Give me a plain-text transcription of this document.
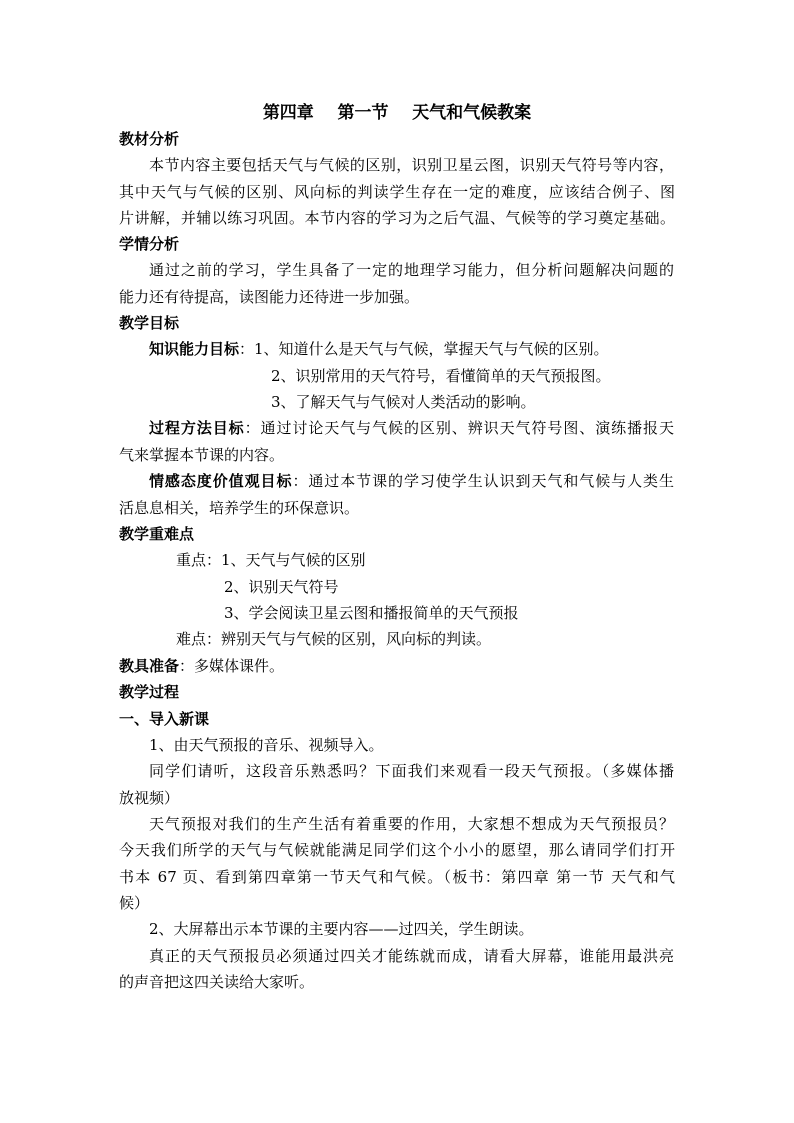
第四章    第一节    天气和气候教案
教材分析
本节内容主要包括天气与气候的区别，识别卫星云图，识别天气符号等内容，
其中天气与气候的区别、风向标的判读学生存在一定的难度，应该结合例子、图
片讲解，并辅以练习巩固。本节内容的学习为之后气温、气候等的学习奠定基础。
学情分析
通过之前的学习，学生具备了一定的地理学习能力，但分析问题解决问题的
能力还有待提高，读图能力还待进一步加强。
教学目标
知识能力目标：1、知道什么是天气与气候，掌握天气与气候的区别。
2、识别常用的天气符号，看懂简单的天气预报图。
3、了解天气与气候对人类活动的影响。
过程方法目标：通过讨论天气与气候的区别、辨识天气符号图、演练播报天
气来掌握本节课的内容。
情感态度价值观目标：通过本节课的学习使学生认识到天气和气候与人类生
活息息相关，培养学生的环保意识。
教学重难点
重点：1、天气与气候的区别
2、识别天气符号
3、学会阅读卫星云图和播报简单的天气预报
难点：辨别天气与气候的区别，风向标的判读。
教具准备：多媒体课件。
教学过程
一、导入新课
1、由天气预报的音乐、视频导入。
同学们请听，这段音乐熟悉吗？下面我们来观看一段天气预报。（多媒体播
放视频）
天气预报对我们的生产生活有着重要的作用，大家想不想成为天气预报员？
今天我们所学的天气与气候就能满足同学们这个小小的愿望，那么请同学们打开
书本 67 页、看到第四章第一节天气和气候。（板书：第四章 第一节 天气和气
候）
2、大屏幕出示本节课的主要内容——过四关，学生朗读。
真正的天气预报员必须通过四关才能练就而成，请看大屏幕，谁能用最洪亮
的声音把这四关读给大家听。
